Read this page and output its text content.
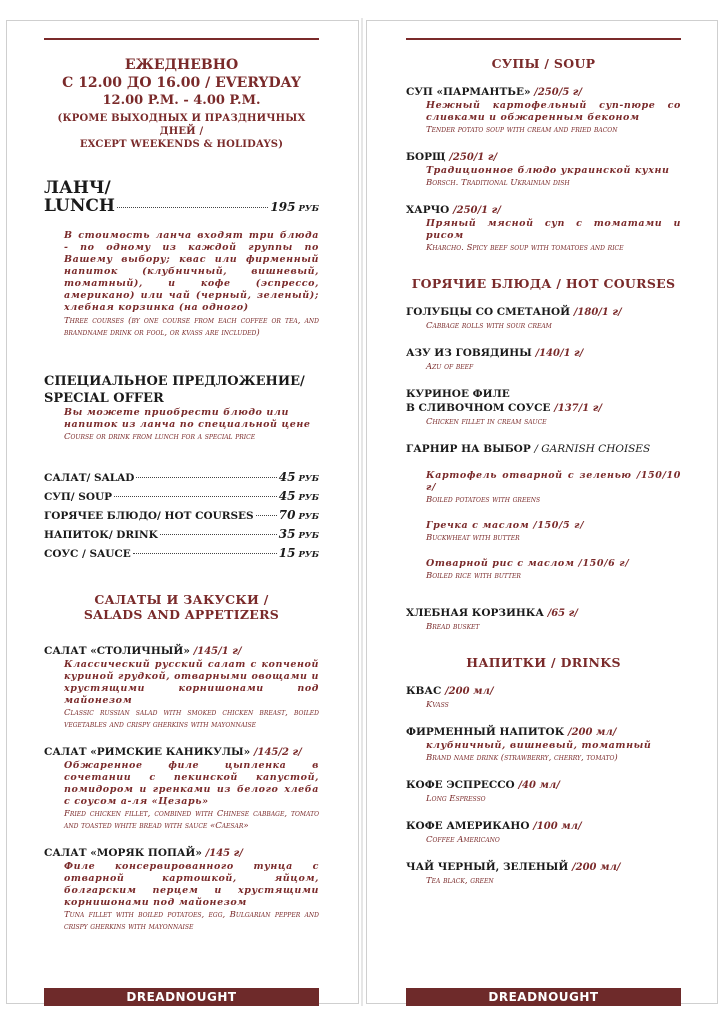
ЕЖЕДНЕВНО
С 12.00 ДО 16.00 / EVERYDAY
12.00 P.M. - 4.00 P.M.
(КРОМЕ ВЫХОДНЫХ И ПРАЗДНИЧНЫХ ДНЕЙ /
EXCEPT WEEKENDS & HOLIDAYS)
ЛАНЧ/
LUNCH	195 РУБ
В стоимость ланча входят три блюда - по одному из каждой группы по Вашему выбору; квас или фирменный напиток (клубничный, вишневый, томатный), и кофе (эспрессо, американо) или чай (черный, зеленый); хлебная корзинка (на одного)
Three courses (by one course from each coffee or tea, and brandname drink or fool, or kvass are included)
СПЕЦИАЛЬНОЕ ПРЕДЛОЖЕНИЕ/
SPECIAL OFFER
Вы можете приобрести блюдо или напиток из ланча по специальной цене
Course or drink from lunch for a special price
САЛАТ/ SALAD	45 РУБ
СУП/ SOUP	45 РУБ
ГОРЯЧЕЕ БЛЮДО/ HOT COURSES 70 РУБ
НАПИТОК/ DRINK	35 РУБ
СОУС / SAUCE	15 РУБ
САЛАТЫ И ЗАКУСКИ /
SALADS AND APPETIZERS
САЛАТ «СТОЛИЧНЫЙ» /145/1 г/
Классический русский салат с копченой куриной грудкой, отварными овощами и хрустящими корнишонами под майонезом
Classic russian salad with smoked chicken breast, boiled vegetables and crispy gherkins with mayonnaise
САЛАТ «РИМСКИЕ КАНИКУЛЫ» /145/2 г/
Обжаренное филе цыпленка в сочетании с пекинской капустой, помидором и гренками из белого хлеба с соусом а-ля «Цезарь»
Fried chicken fillet, combined with Chinese cabbage, tomato and toasted white bread with sauce «Caesar»
САЛАТ «МОРЯК ПОПАЙ» /145 г/
Филе консервированного тунца с отварной картошкой, яйцом, болгарским перцем и хрустящими корнишонами под майонезом
Tuna fillet with boiled potatoes, egg, Bulgarian pepper and crispy gherkins with mayonnaise
DREADNOUGHT
СУПЫ / SOUP
СУП «ПАРМАНТЬЕ» /250/5 г/
Нежный картофельный суп-пюре со сливками и обжаренным беконом
Tender potato soup with cream and fried bacon
БОРЩ /250/1 г/
Традиционное блюдо украинской кухни
Borsch. Traditional Ukrainian dish
ХАРЧО /250/1 г/
Пряный мясной суп с томатами и рисом
Kharcho. Spicy beef soup with tomatoes and rice
ГОРЯЧИЕ БЛЮДА / HOT COURSES
ГОЛУБЦЫ СО СМЕТАНОЙ /180/1 г/
Cabbage rolls with sour cream
АЗУ ИЗ ГОВЯДИНЫ /140/1 г/
Azu of beef
КУРИНОЕ ФИЛЕ
В СЛИВОЧНОМ СОУСЕ /137/1 г/
Chicken fillet in cream sauce
ГАРНИР НА ВЫБОР / GARNISH CHOISES
Картофель отварной с зеленью /150/10 г/
Boiled potatoes with greens
Гречка с маслом /150/5 г/
Buckwheat with butter
Отварной рис с маслом /150/6 г/
Boiled rice with butter
ХЛЕБНАЯ КОРЗИНКА /65 г/
Bread busket
НАПИТКИ / DRINKS
КВАС /200 мл/
Kvass
ФИРМЕННЫЙ НАПИТОК /200 мл/
клубничный, вишневый, томатный
Brand name drink (strawberry, cherry, tomato)
КОФЕ ЭСПРЕССО /40 мл/
Long Espresso
КОФЕ АМЕРИКАНО /100 мл/
Coffee Americano
ЧАЙ ЧЕРНЫЙ, ЗЕЛЕНЫЙ /200 мл/
Tea black, green
DREADNOUGHT
